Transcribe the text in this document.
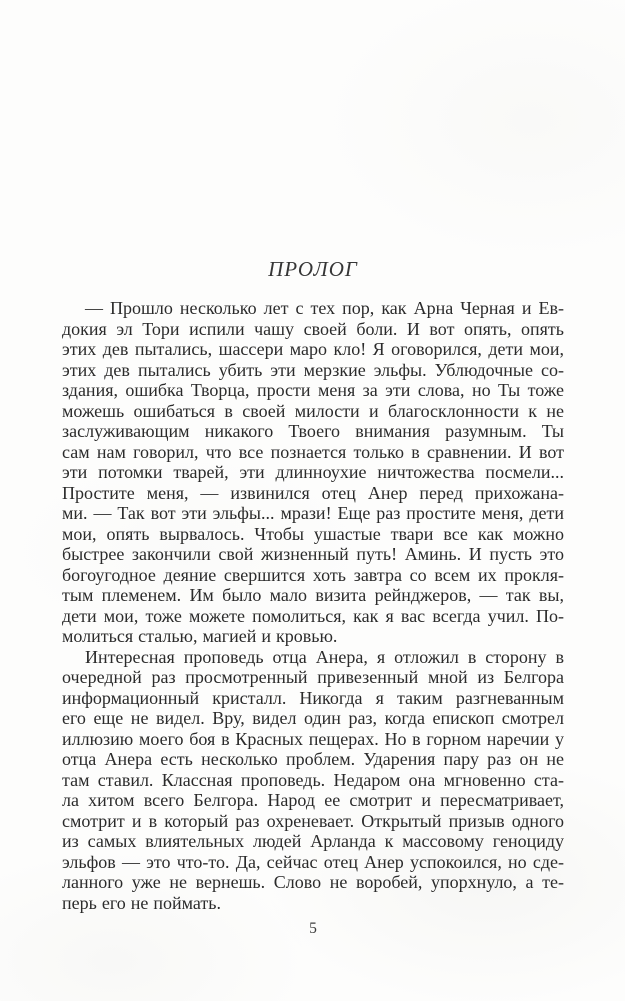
ПРОЛОГ
— Прошло несколько лет с тех пор, как Арна Черная и Ев-
докия эл Тори испили чашу своей боли. И вот опять, опять
этих дев пытались, шассери маро кло! Я оговорился, дети мои,
этих дев пытались убить эти мерзкие эльфы. Ублюдочные со-
здания, ошибка Творца, прости меня за эти слова, но Ты тоже
можешь ошибаться в своей милости и благосклонности к не
заслуживающим никакого Твоего внимания разумным. Ты
сам нам говорил, что все познается только в сравнении. И вот
эти потомки тварей, эти длинноухие ничтожества посмели...
Простите меня, — извинился отец Анер перед прихожана-
ми. — Так вот эти эльфы... мрази! Еще раз простите меня, дети
мои, опять вырвалось. Чтобы ушастые твари все как можно
быстрее закончили свой жизненный путь! Аминь. И пусть это
богоугодное деяние свершится хоть завтра со всем их прокля-
тым племенем. Им было мало визита рейнджеров, — так вы,
дети мои, тоже можете помолиться, как я вас всегда учил. По-
молиться сталью, магией и кровью.
Интересная проповедь отца Анера, я отложил в сторону в
очередной раз просмотренный привезенный мной из Белгора
информационный кристалл. Никогда я таким разгневанным
его еще не видел. Вру, видел один раз, когда епископ смотрел
иллюзию моего боя в Красных пещерах. Но в горном наречии у
отца Анера есть несколько проблем. Ударения пару раз он не
там ставил. Классная проповедь. Недаром она мгновенно ста-
ла хитом всего Белгора. Народ ее смотрит и пересматривает,
смотрит и в который раз охреневает. Открытый призыв одного
из самых влиятельных людей Арланда к массовому геноциду
эльфов — это что-то. Да, сейчас отец Анер успокоился, но сде-
ланного уже не вернешь. Слово не воробей, упорхнуло, а те-
перь его не поймать.
5
